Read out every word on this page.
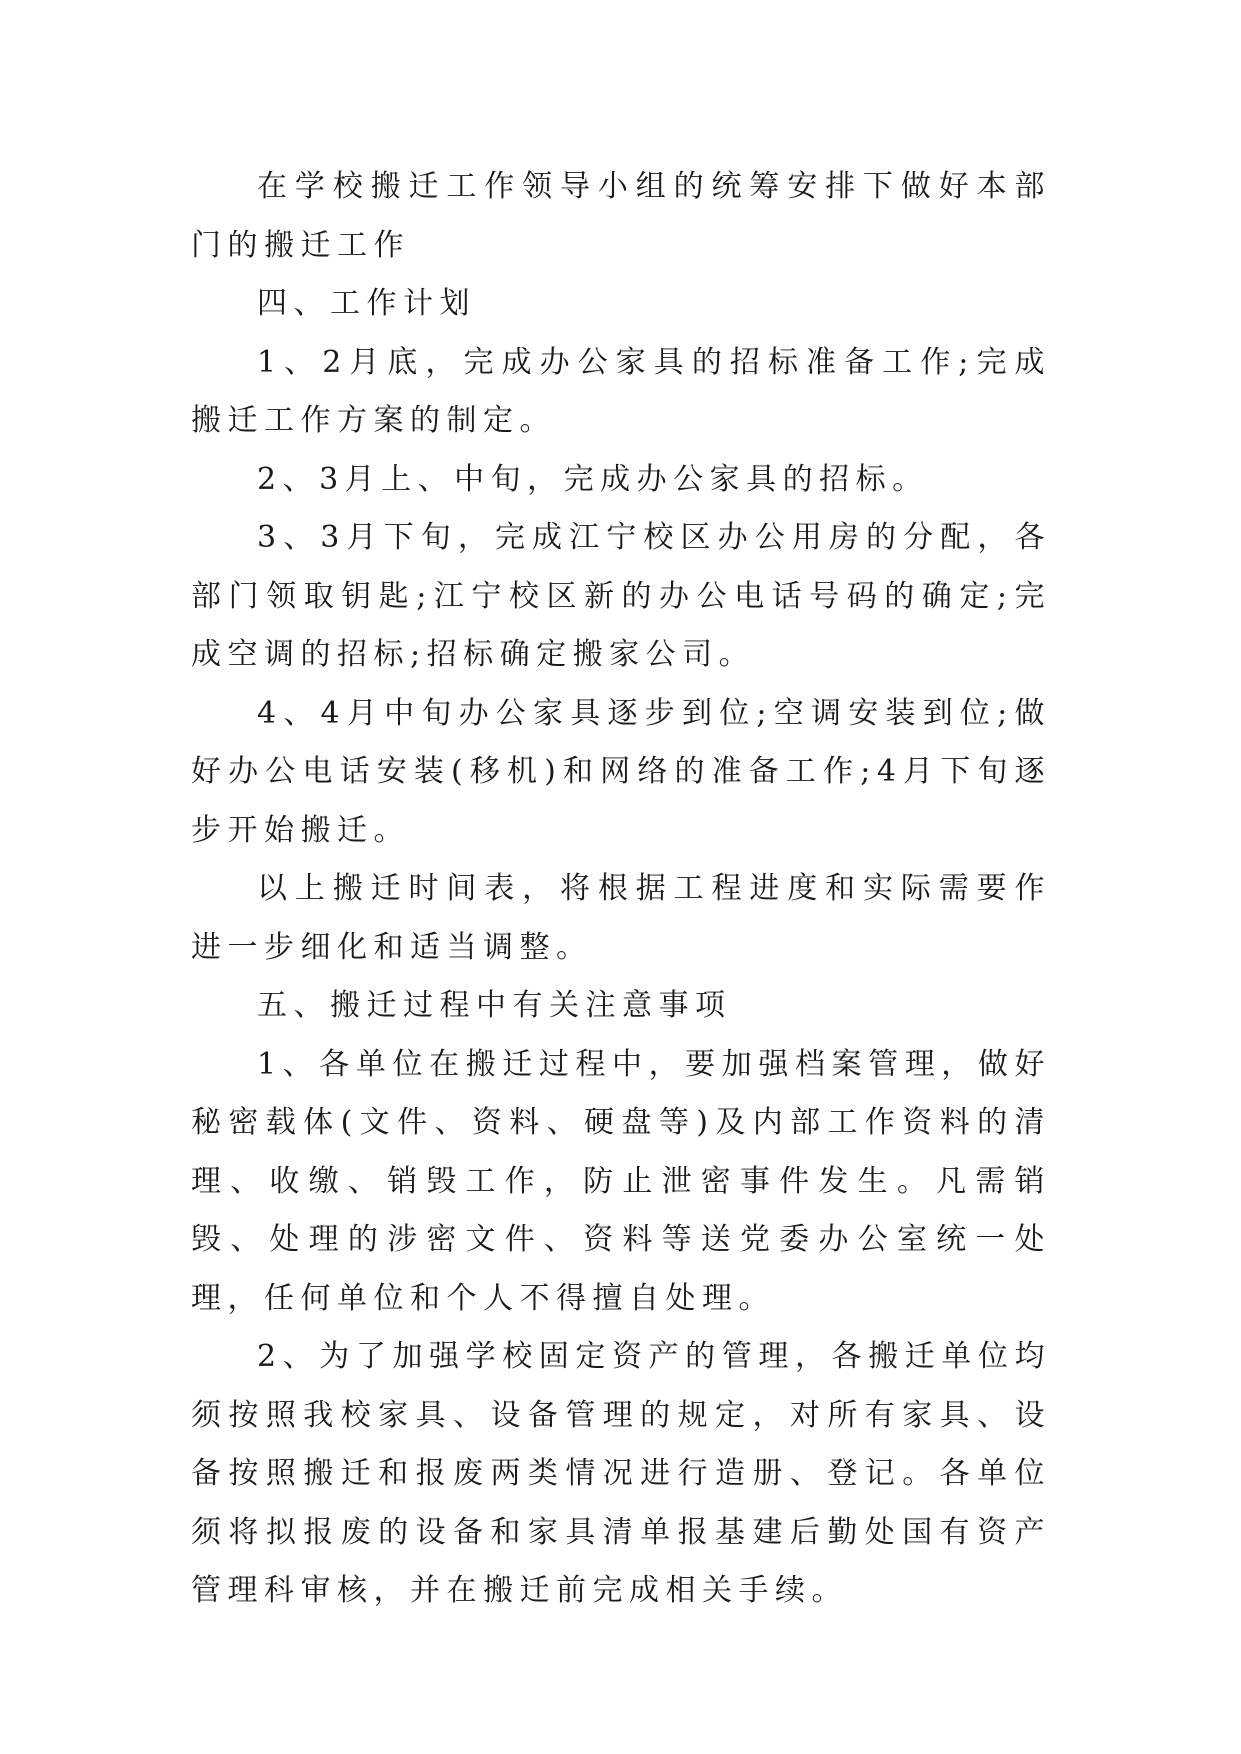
在学校搬迁工作领导小组的统筹安排下做好本部门的搬迁工作

四、工作计划

1、2月底，完成办公家具的招标准备工作;完成搬迁工作方案的制定。

2、3月上、中旬，完成办公家具的招标。

3、3月下旬，完成江宁校区办公用房的分配，各部门领取钥匙;江宁校区新的办公电话号码的确定;完成空调的招标;招标确定搬家公司。

4、4月中旬办公家具逐步到位;空调安装到位;做好办公电话安装(移机)和网络的准备工作;4月下旬逐步开始搬迁。

以上搬迁时间表，将根据工程进度和实际需要作进一步细化和适当调整。

五、搬迁过程中有关注意事项

1、各单位在搬迁过程中，要加强档案管理，做好秘密载体(文件、资料、硬盘等)及内部工作资料的清理、收缴、销毁工作，防止泄密事件发生。凡需销毁、处理的涉密文件、资料等送党委办公室统一处理，任何单位和个人不得擅自处理。

2、为了加强学校固定资产的管理，各搬迁单位均须按照我校家具、设备管理的规定，对所有家具、设备按照搬迁和报废两类情况进行造册、登记。各单位须将拟报废的设备和家具清单报基建后勤处国有资产管理科审核，并在搬迁前完成相关手续。
